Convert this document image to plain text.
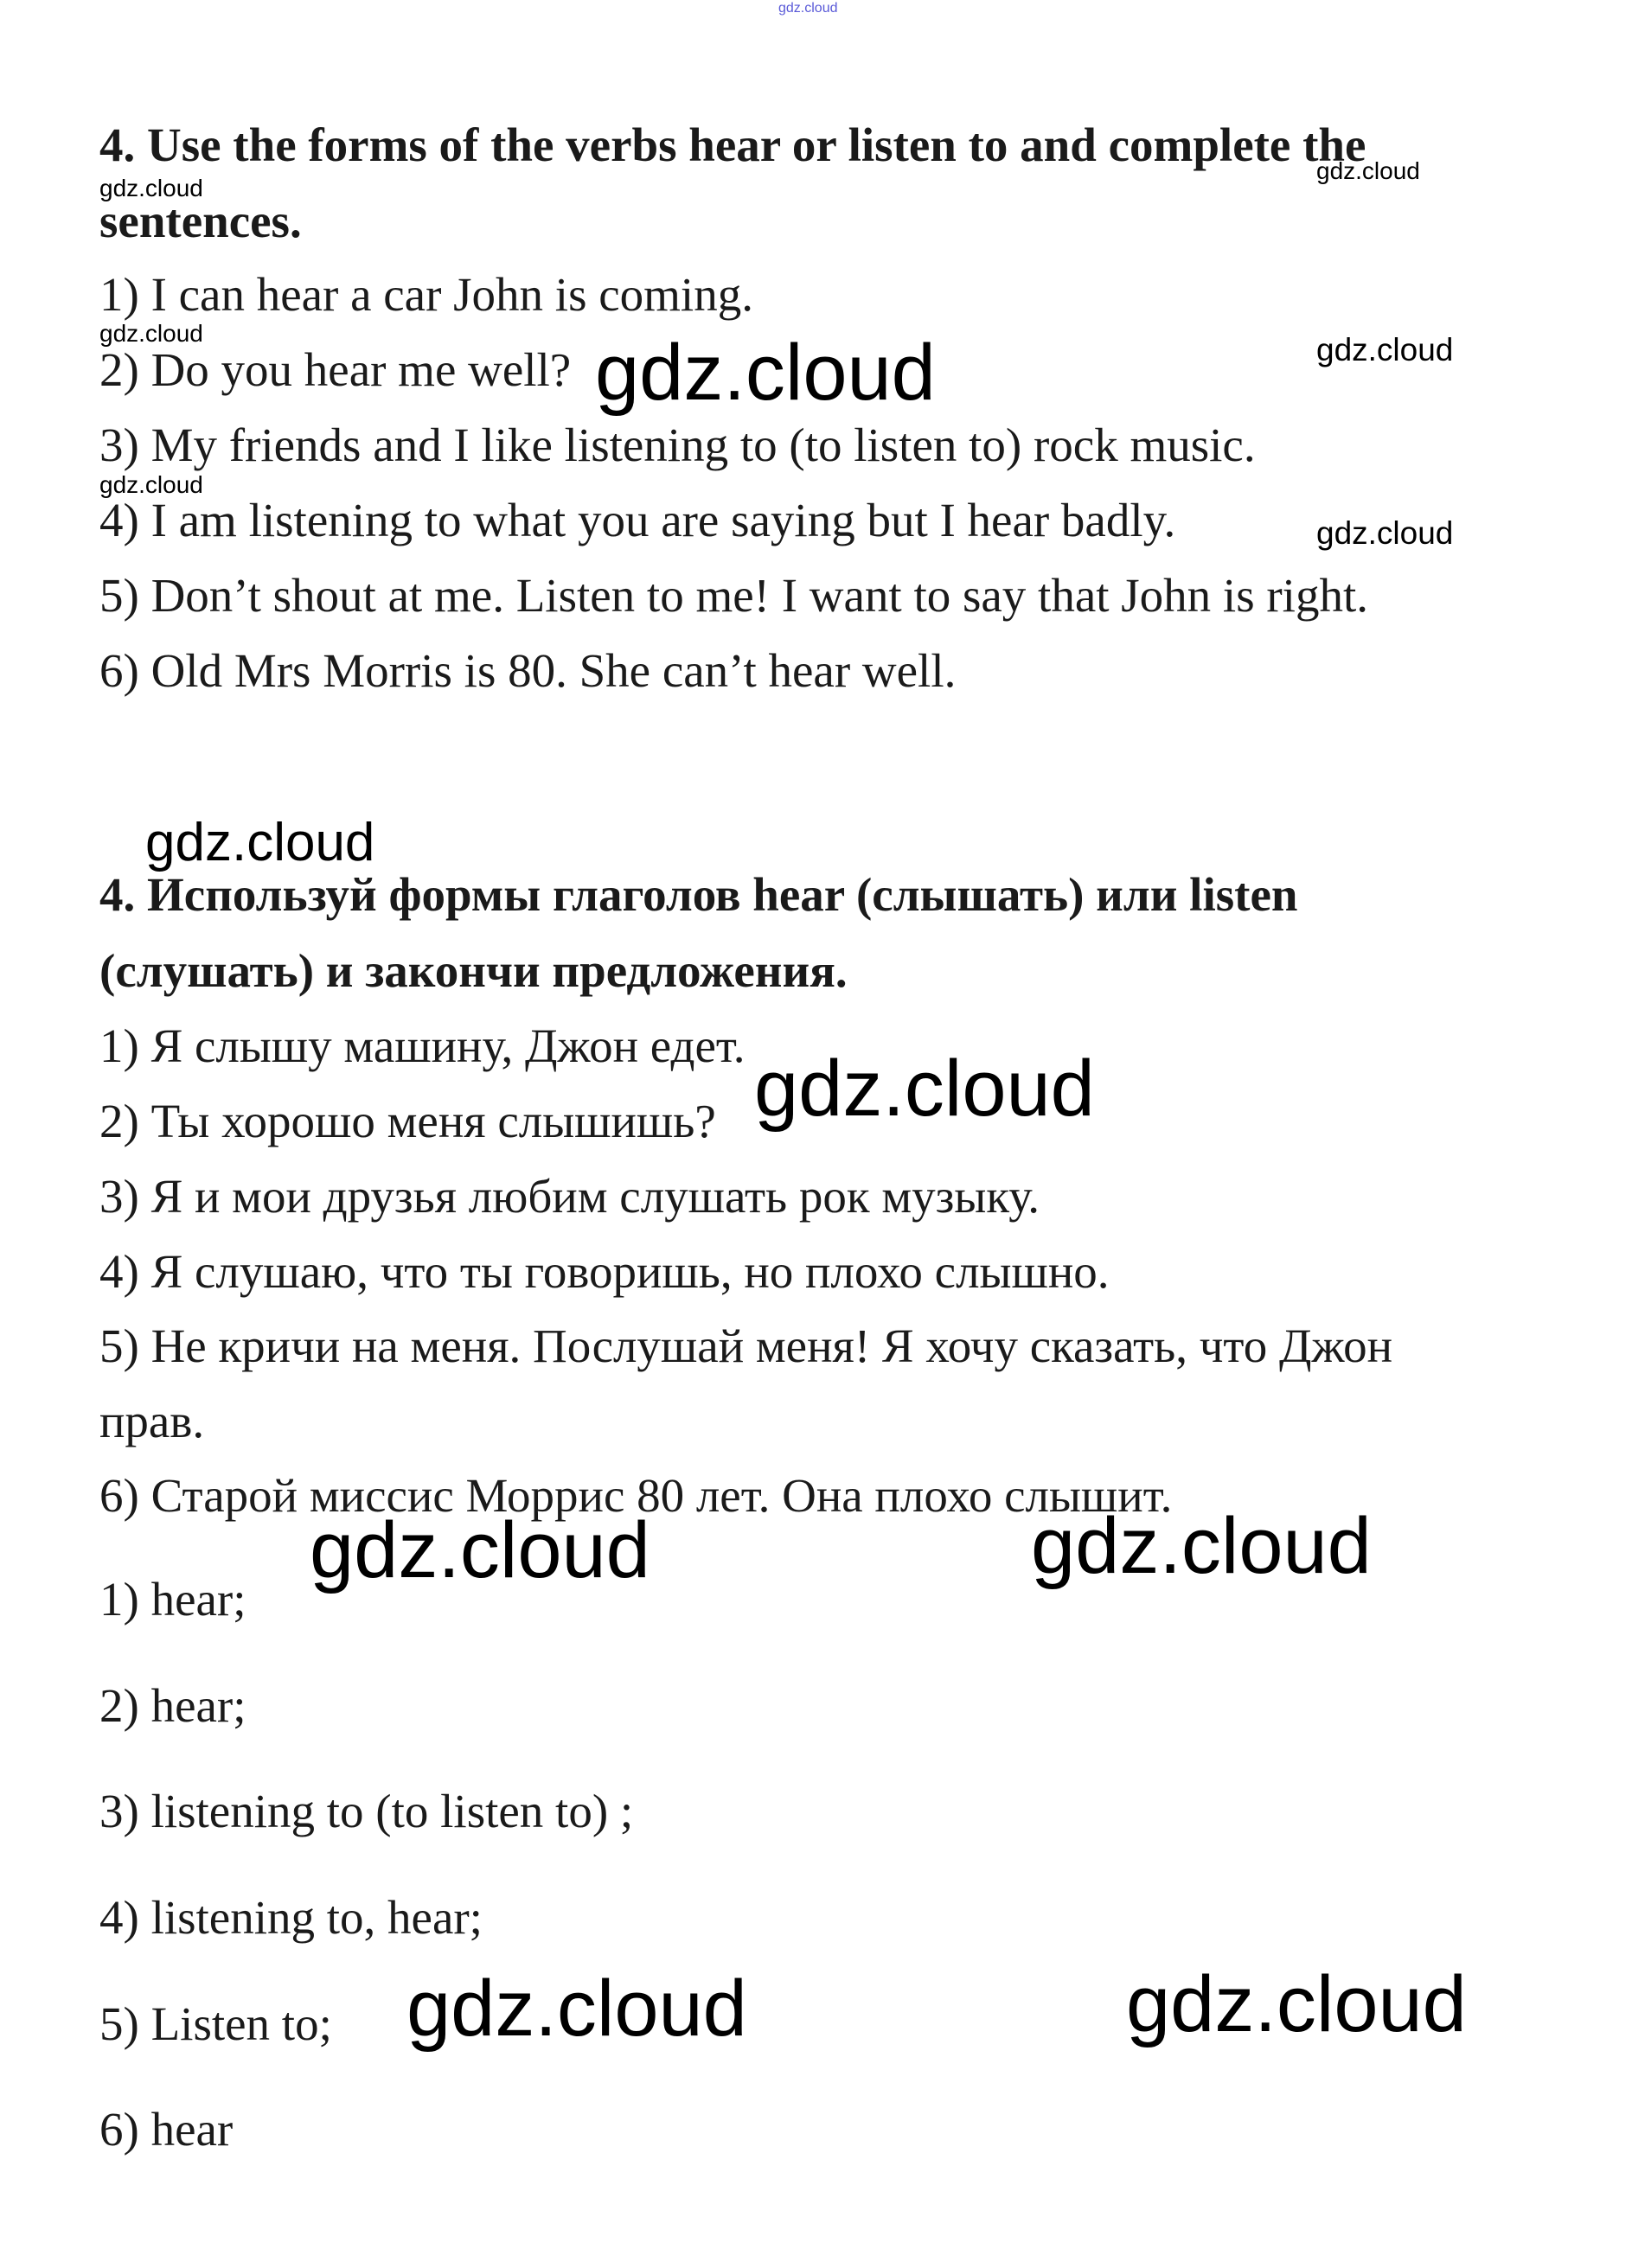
gdz.cloud
4. Use the forms of the verbs hear or listen to and complete the
sentences.
1) I can hear a car John is coming.
2) Do you hear me well?
3) My friends and I like listening to (to listen to) rock music.
4) I am listening to what you are saying but I hear badly.
5) Don’t shout at me. Listen to me! I want to say that John is right.
6) Old Mrs Morris is 80. She can’t hear well.
4. Используй формы глаголов hear (слышать) или listen
(слушать) и закончи предложения.
1) Я слышу машину, Джон едет.
2) Ты хорошо меня слышишь?
3) Я и мои друзья любим слушать рок музыку.
4) Я слушаю, что ты говоришь, но плохо слышно.
5) Не кричи на меня. Послушай меня! Я хочу сказать, что Джон
прав.
6) Старой миссис Моррис 80 лет. Она плохо слышит.
1) hear;
2) hear;
3) listening to (to listen to) ;
4) listening to, hear;
5) Listen to;
6) hear
gdz.cloud
gdz.cloud
gdz.cloud	gdz.cloud	gdz.cloud
gdz.cloud
gdz.cloud
gdz.cloud
gdz.cloud
gdz.cloud	gdz.cloud
gdz.cloud	gdz.cloud
